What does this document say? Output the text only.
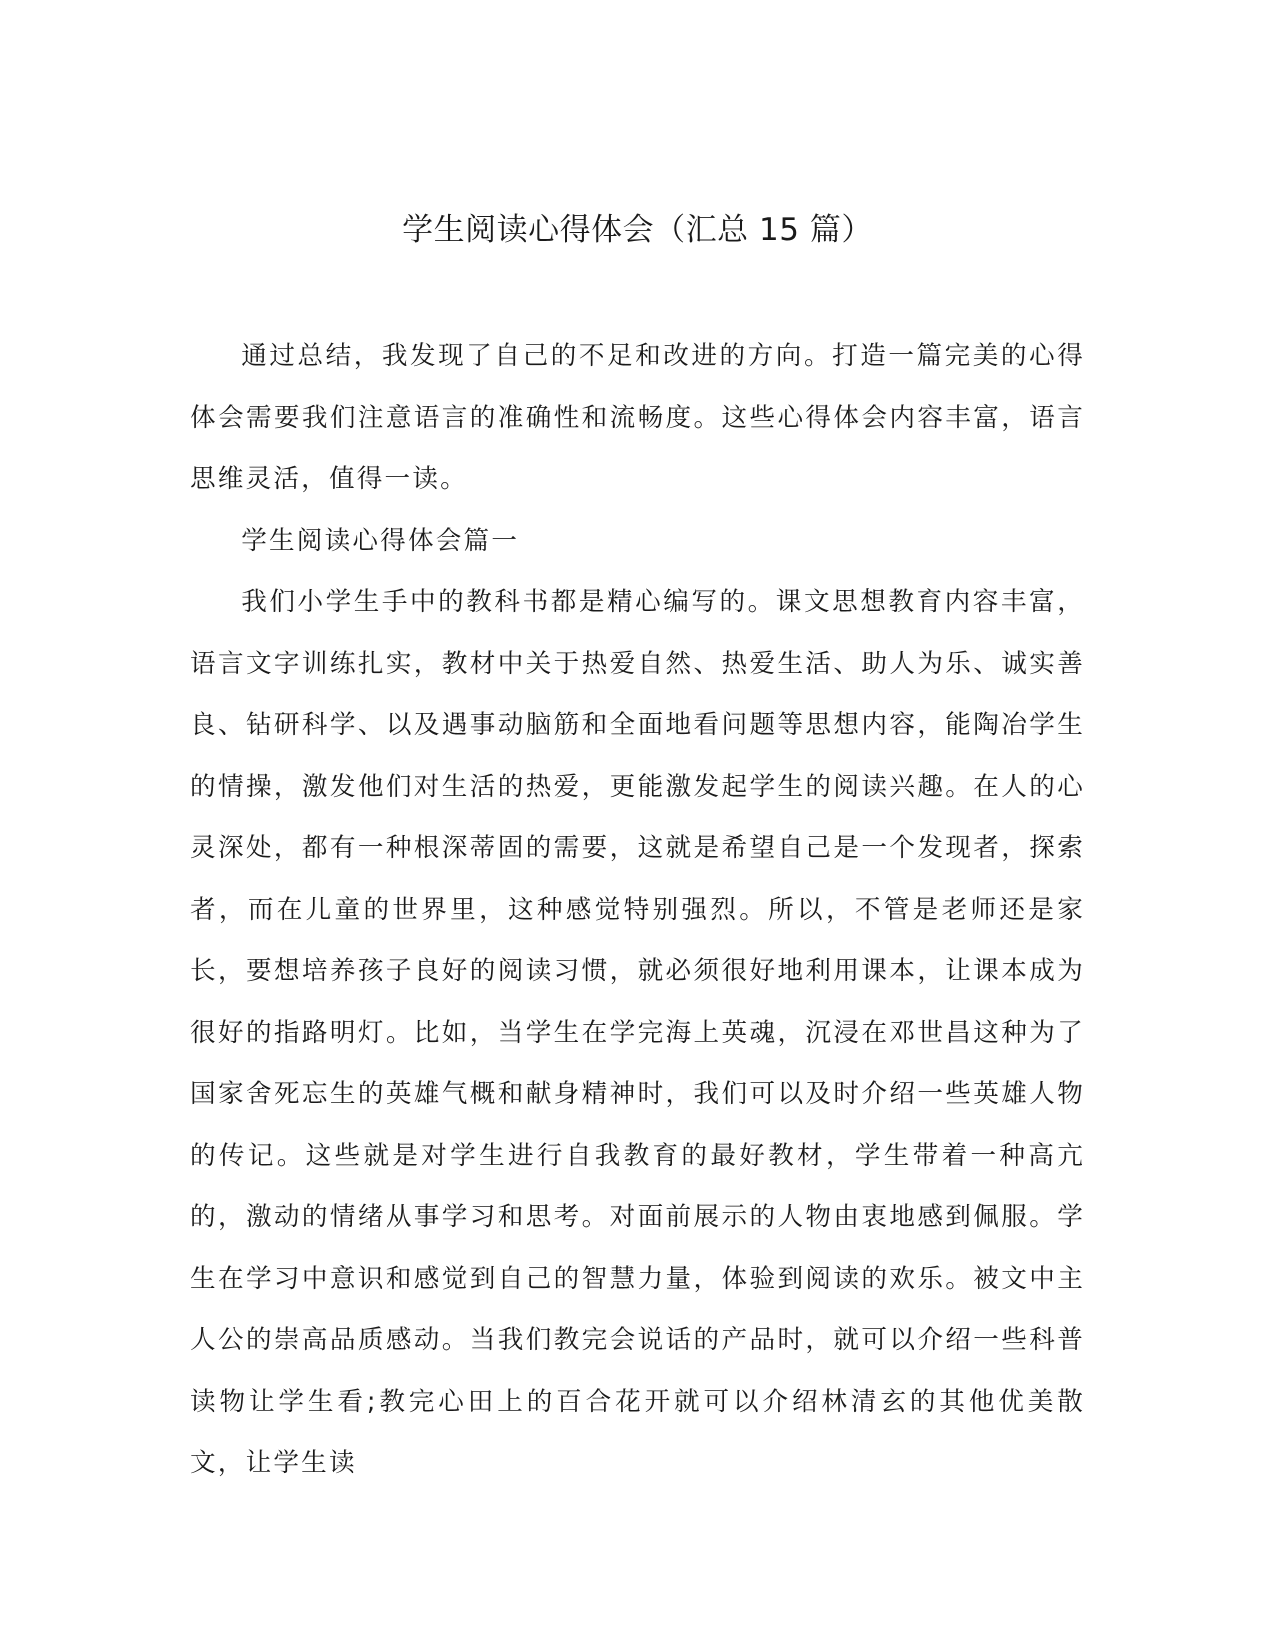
学生阅读心得体会（汇总 15 篇）

通过总结，我发现了自己的不足和改进的方向。打造一篇完美的心得体会需要我们注意语言的准确性和流畅度。这些心得体会内容丰富，语言思维灵活，值得一读。

学生阅读心得体会篇一

我们小学生手中的教科书都是精心编写的。课文思想教育内容丰富，语言文字训练扎实，教材中关于热爱自然、热爱生活、助人为乐、诚实善良、钻研科学、以及遇事动脑筋和全面地看问题等思想内容，能陶冶学生的情操，激发他们对生活的热爱，更能激发起学生的阅读兴趣。在人的心灵深处，都有一种根深蒂固的需要，这就是希望自己是一个发现者，探索者，而在儿童的世界里，这种感觉特别强烈。所以，不管是老师还是家长，要想培养孩子良好的阅读习惯，就必须很好地利用课本，让课本成为很好的指路明灯。比如，当学生在学完海上英魂，沉浸在邓世昌这种为了国家舍死忘生的英雄气概和献身精神时，我们可以及时介绍一些英雄人物的传记。这些就是对学生进行自我教育的最好教材，学生带着一种高亢的，激动的情绪从事学习和思考。对面前展示的人物由衷地感到佩服。学生在学习中意识和感觉到自己的智慧力量，体验到阅读的欢乐。被文中主人公的崇高品质感动。当我们教完会说话的产品时，就可以介绍一些科普读物让学生看;教完心田上的百合花开就可以介绍林清玄的其他优美散文，让学生读
